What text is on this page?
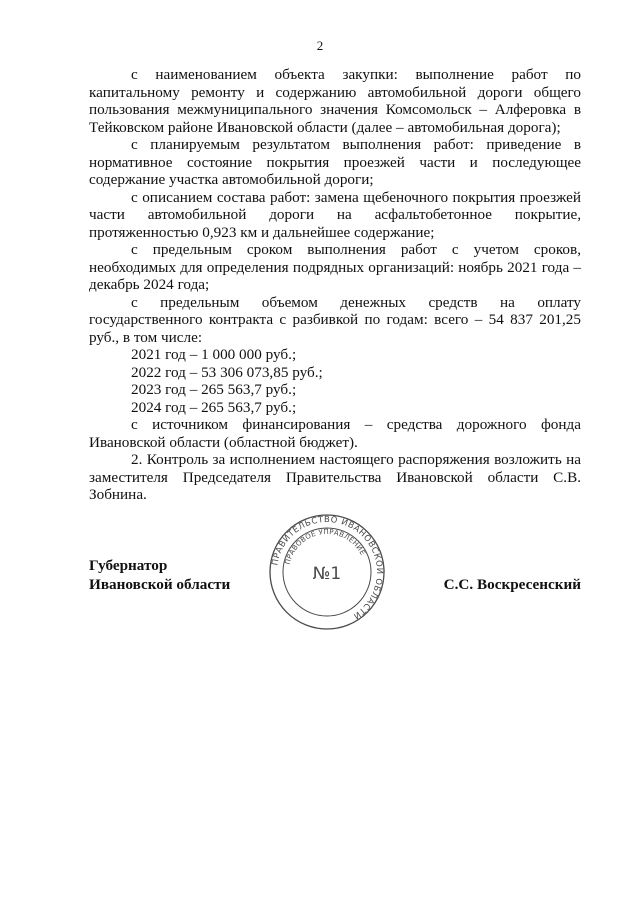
2

с наименованием объекта закупки: выполнение работ по капитальному ремонту и содержанию автомобильной дороги общего пользования межмуниципального значения Комсомольск – Алферовка в Тейковском районе Ивановской области (далее – автомобильная дорога);

с планируемым результатом выполнения работ: приведение в нормативное состояние покрытия проезжей части и последующее содержание участка автомобильной дороги;

с описанием состава работ: замена щебеночного покрытия проезжей части автомобильной дороги на асфальтобетонное покрытие, протяженностью 0,923 км и дальнейшее содержание;

с предельным сроком выполнения работ с учетом сроков, необходимых для определения подрядных организаций: ноябрь 2021 года – декабрь 2024 года;

с предельным объемом денежных средств на оплату государственного контракта с разбивкой по годам: всего – 54 837 201,25 руб., в том числе:

2021 год – 1 000 000 руб.;

2022 год – 53 306 073,85 руб.;

2023 год – 265 563,7 руб.;

2024 год – 265 563,7 руб.;

с источником финансирования – средства дорожного фонда Ивановской области (областной бюджет).

2. Контроль за исполнением настоящего распоряжения возложить на заместителя Председателя Правительства Ивановской области С.В. Зобнина.

Губернатор
Ивановской области	С.С. Воскресенский
ПРАВИТЕЛЬСТВО ИВАНОВСКОЙ ОБЛАСТИ
ПРАВОВОЕ УПРАВЛЕНИЕ
№1
